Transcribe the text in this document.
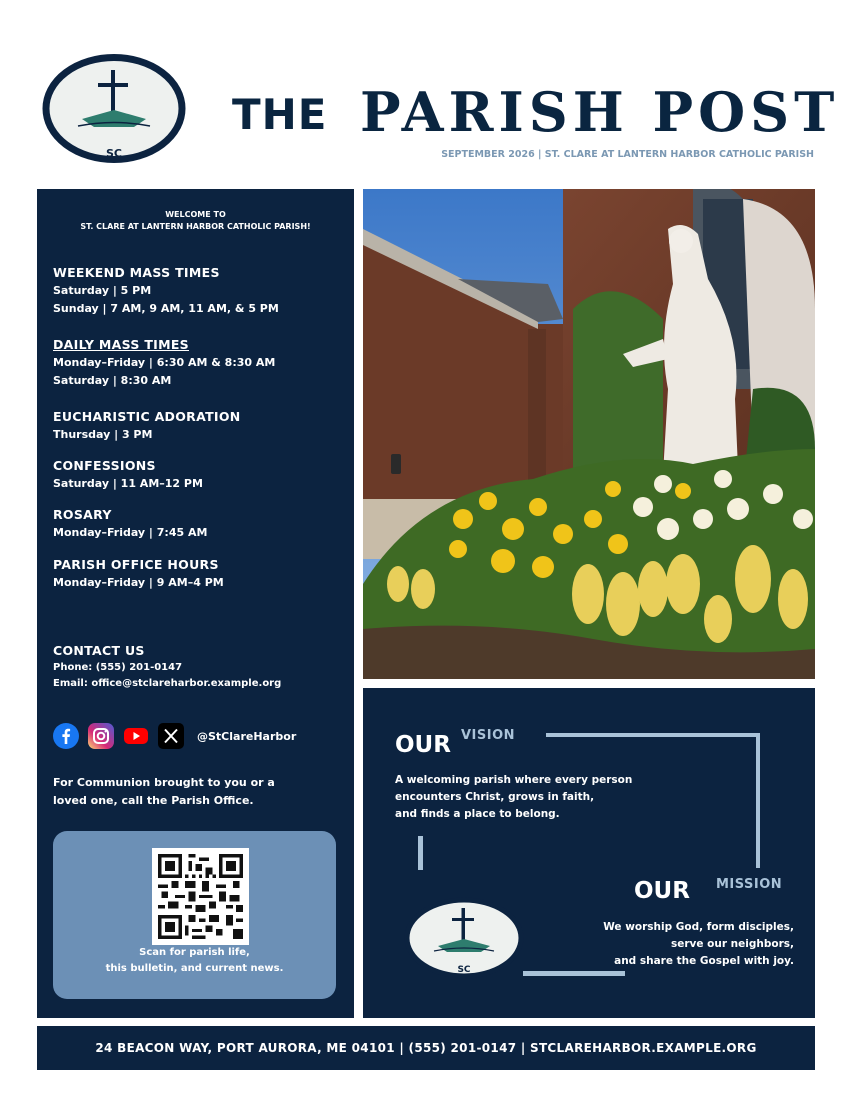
SC
THE PARISH POST
SEPTEMBER 2026 | ST. CLARE AT LANTERN HARBOR CATHOLIC PARISH
WELCOME TO
ST. CLARE AT LANTERN HARBOR CATHOLIC PARISH!
WEEKEND MASS TIMES
Saturday | 5 PM
Sunday | 7 AM, 9 AM, 11 AM, & 5 PM
DAILY MASS TIMES
Monday–Friday | 6:30 AM & 8:30 AM
Saturday | 8:30 AM
EUCHARISTIC ADORATION
Thursday | 3 PM
CONFESSIONS
Saturday | 11 AM–12 PM
ROSARY
Monday–Friday | 7:45 AM
PARISH OFFICE HOURS
Monday–Friday | 9 AM–4 PM
CONTACT US
Phone: (555) 201-0147
Email: office@stclareharbor.example.org
@StClareHarbor
For Communion brought to you or a
loved one, call the Parish Office.
Scan for parish life,
this bulletin, and current news.
OUR VISION
A welcoming parish where every person
encounters Christ, grows in faith,
and finds a place to belong.
OUR MISSION
We worship God, form disciples,
serve our neighbors,
and share the Gospel with joy.
SC
24 BEACON WAY, PORT AURORA, ME 04101 | (555) 201-0147 | STCLAREHARBOR.EXAMPLE.ORG
